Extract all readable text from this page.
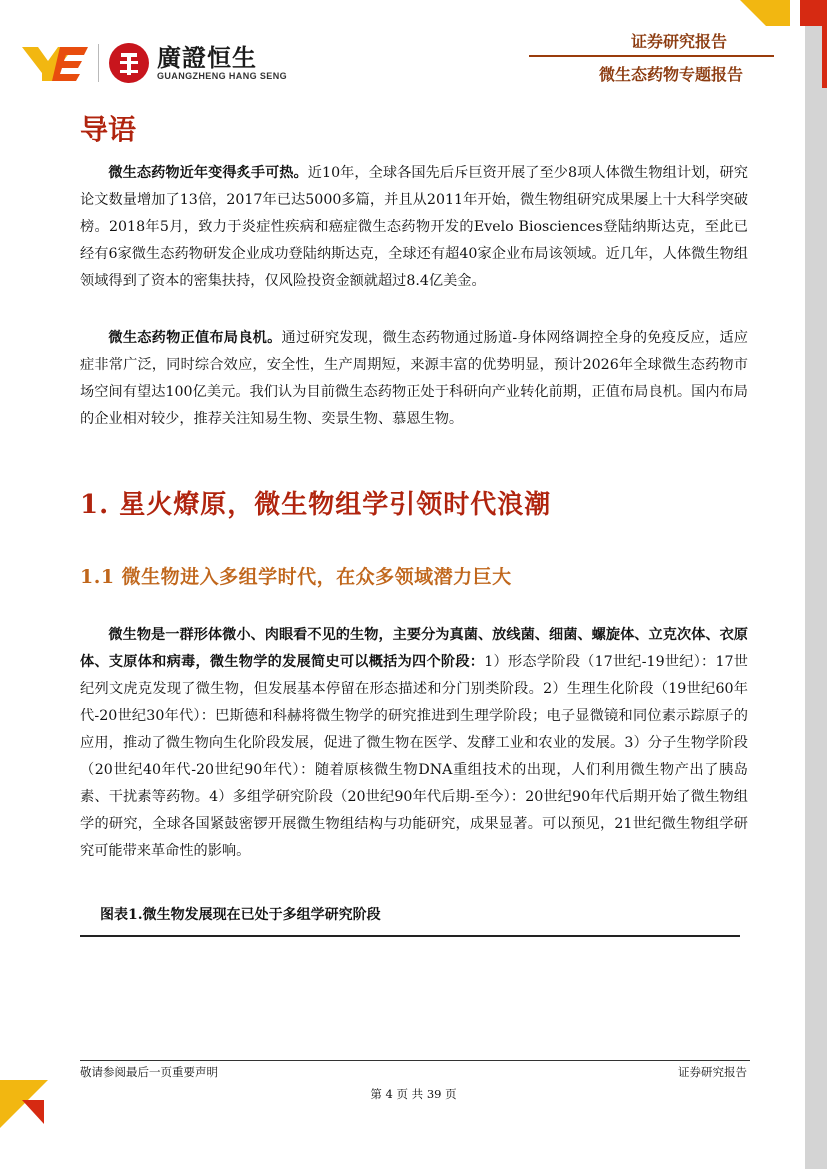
廣證恒生
GUANGZHENG HANG SENG
证券研究报告
微生态药物专题报告
导语

微生态药物近年变得炙手可热。近10年，全球各国先后斥巨资开展了至少8项人体微生物组计划，研究论文数量增加了13倍，2017年已达5000多篇，并且从2011年开始，微生物组研究成果屡上十大科学突破榜。2018年5月，致力于炎症性疾病和癌症微生态药物开发的Evelo Biosciences登陆纳斯达克，至此已经有6家微生态药物研发企业成功登陆纳斯达克，全球还有超40家企业布局该领域。近几年，人体微生物组领域得到了资本的密集扶持，仅风险投资金额就超过8.4亿美金。

微生态药物正值布局良机。通过研究发现，微生态药物通过肠道-身体网络调控全身的免疫反应，适应症非常广泛，同时综合效应，安全性，生产周期短，来源丰富的优势明显，预计2026年全球微生态药物市场空间有望达100亿美元。我们认为目前微生态药物正处于科研向产业转化前期，正值布局良机。国内布局的企业相对较少，推荐关注知易生物、奕景生物、慕恩生物。

1. 星火燎原，微生物组学引领时代浪潮
1.1 微生物进入多组学时代，在众多领域潜力巨大

微生物是一群形体微小、肉眼看不见的生物，主要分为真菌、放线菌、细菌、螺旋体、立克次体、衣原体、支原体和病毒，微生物学的发展简史可以概括为四个阶段：1）形态学阶段（17世纪-19世纪）：17世纪列文虎克发现了微生物，但发展基本停留在形态描述和分门别类阶段。2）生理生化阶段（19世纪60年代-20世纪30年代）：巴斯德和科赫将微生物学的研究推进到生理学阶段；电子显微镜和同位素示踪原子的应用，推动了微生物向生化阶段发展，促进了微生物在医学、发酵工业和农业的发展。3）分子生物学阶段（20世纪40年代-20世纪90年代）：随着原核微生物DNA重组技术的出现，人们利用微生物产出了胰岛素、干扰素等药物。4）多组学研究阶段（20世纪90年代后期-至今）：20世纪90年代后期开始了微生物组学的研究，全球各国紧鼓密锣开展微生物组结构与功能研究，成果显著。可以预见，21世纪微生物组学研究可能带来革命性的影响。

图表1.微生物发展现在已处于多组学研究阶段
敬请参阅最后一页重要声明	证券研究报告
第 4 页 共 39 页
